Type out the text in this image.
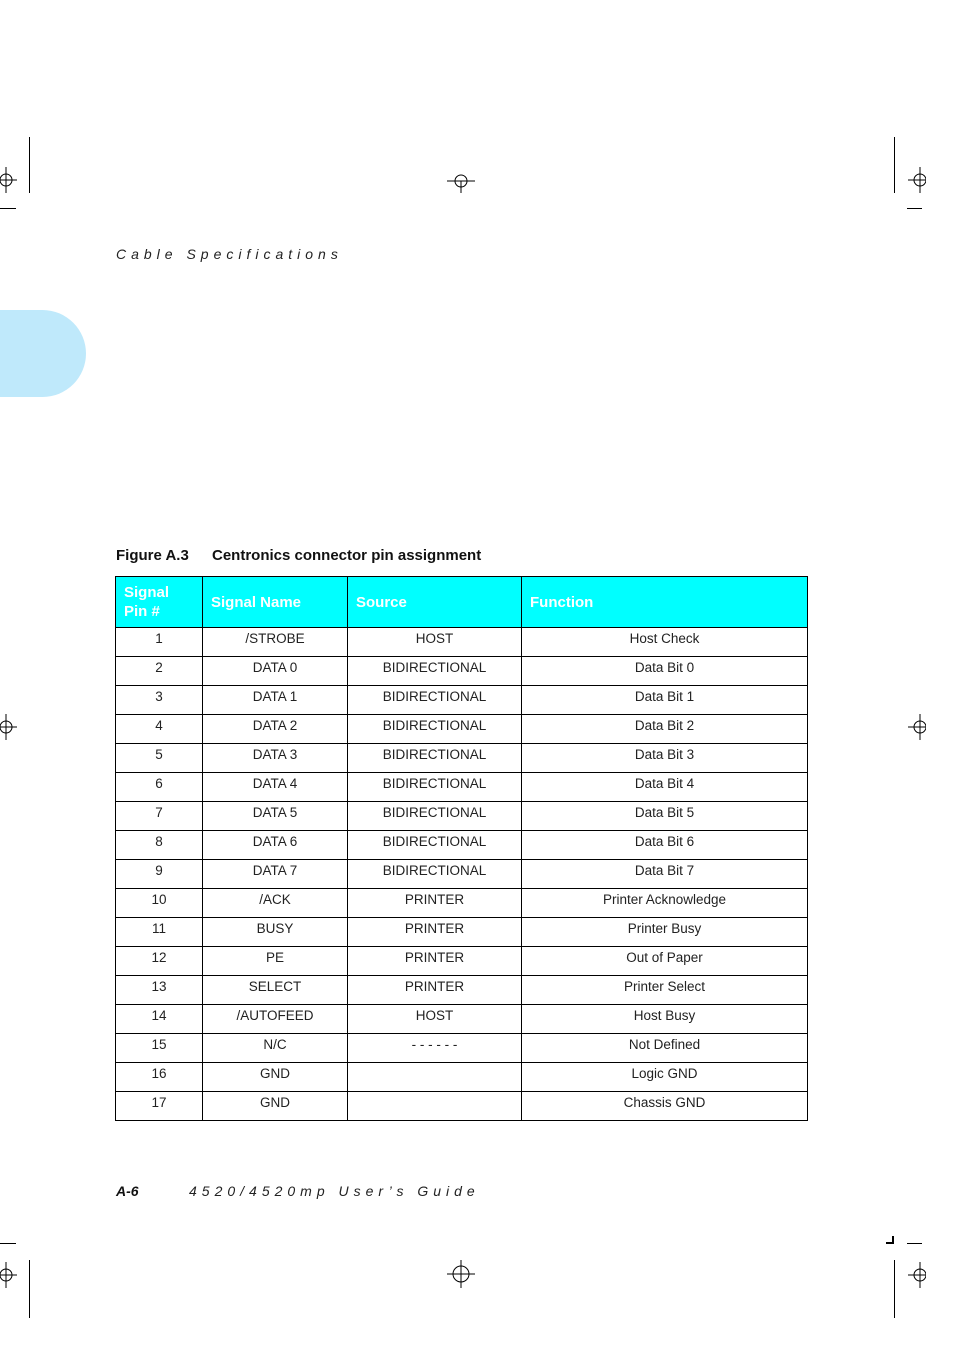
Cable Specifications
Figure A.3 Centronics connector pin assignment
Signal Pin #	Signal Name	Source	Function
1	/STROBE	HOST	Host Check
2	DATA 0	BIDIRECTIONAL	Data Bit 0
3	DATA 1	BIDIRECTIONAL	Data Bit 1
4	DATA 2	BIDIRECTIONAL	Data Bit 2
5	DATA 3	BIDIRECTIONAL	Data Bit 3
6	DATA 4	BIDIRECTIONAL	Data Bit 4
7	DATA 5	BIDIRECTIONAL	Data Bit 5
8	DATA 6	BIDIRECTIONAL	Data Bit 6
9	DATA 7	BIDIRECTIONAL	Data Bit 7
10	/ACK	PRINTER	Printer Acknowledge
11	BUSY	PRINTER	Printer Busy
12	PE	PRINTER	Out of Paper
13	SELECT	PRINTER	Printer Select
14	/AUTOFEED	HOST	Host Busy
15	N/C	- - - - - -	Not Defined
16	GND		Logic GND
17	GND		Chassis GND
A-6	4520/4520mp User’s Guide
